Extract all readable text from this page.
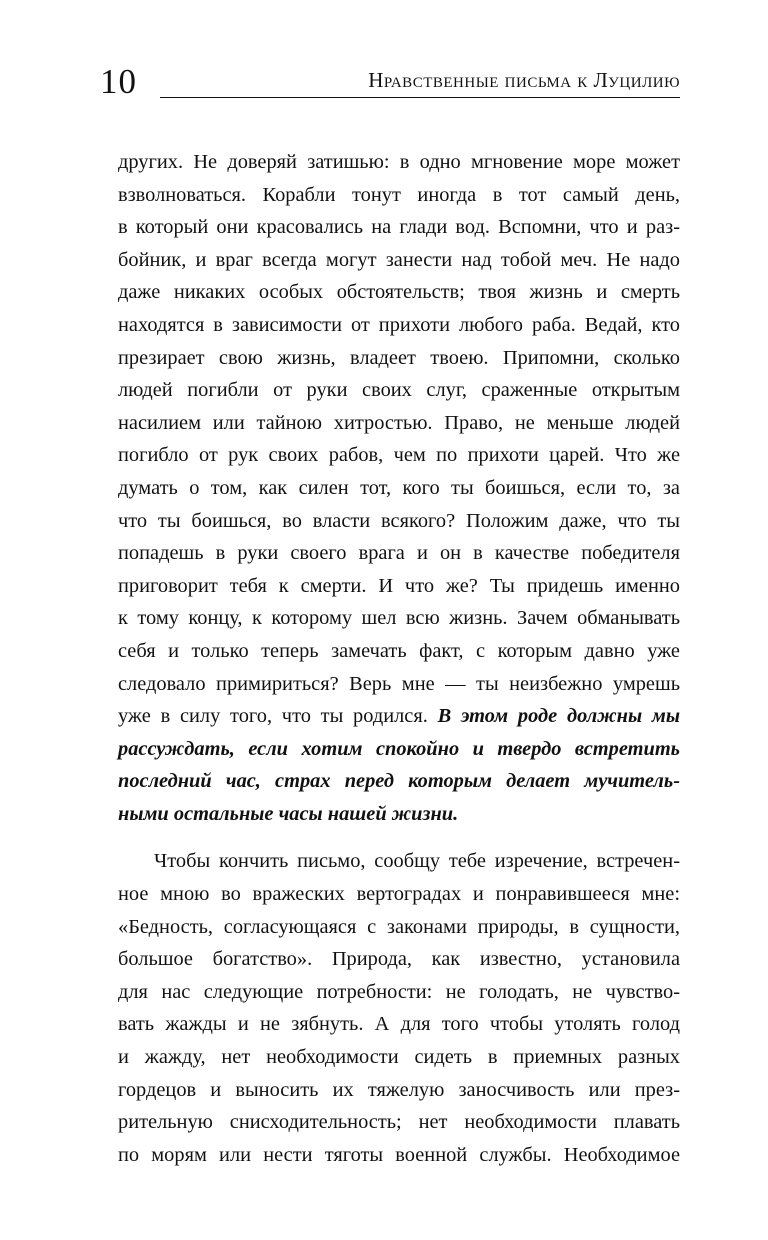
10	Нравственные письма к Луцилию
других. Не доверяй затишью: в одно мгновение море может
взволноваться. Корабли тонут иногда в тот самый день,
в который они красовались на глади вод. Вспомни, что и раз-
бойник, и враг всегда могут занести над тобой меч. Не надо
даже никаких особых обстоятельств; твоя жизнь и смерть
находятся в зависимости от прихоти любого раба. Ведай, кто
презирает свою жизнь, владеет твоею. Припомни, сколько
людей погибли от руки своих слуг, сраженные открытым
насилием или тайною хитростью. Право, не меньше людей
погибло от рук своих рабов, чем по прихоти царей. Что же
думать о том, как силен тот, кого ты боишься, если то, за
что ты боишься, во власти всякого? Положим даже, что ты
попадешь в руки своего врага и он в качестве победителя
приговорит тебя к смерти. И что же? Ты придешь именно
к тому концу, к которому шел всю жизнь. Зачем обманывать
себя и только теперь замечать факт, с которым давно уже
следовало примириться? Верь мне — ты неизбежно умрешь
уже в силу того, что ты родился. В этом роде должны мы
рассуждать, если хотим спокойно и твердо встретить
последний час, страх перед которым делает мучитель-
ными остальные часы нашей жизни.
Чтобы кончить письмо, сообщу тебе изречение, встречен-
ное мною во вражеских вертоградах и понравившееся мне:
«Бедность, согласующаяся с законами природы, в сущности,
большое богатство». Природа, как известно, установила
для нас следующие потребности: не голодать, не чувство-
вать жажды и не зябнуть. А для того чтобы утолять голод
и жажду, нет необходимости сидеть в приемных разных
гордецов и выносить их тяжелую заносчивость или през-
рительную снисходительность; нет необходимости плавать
по морям или нести тяготы военной службы. Необходимое
